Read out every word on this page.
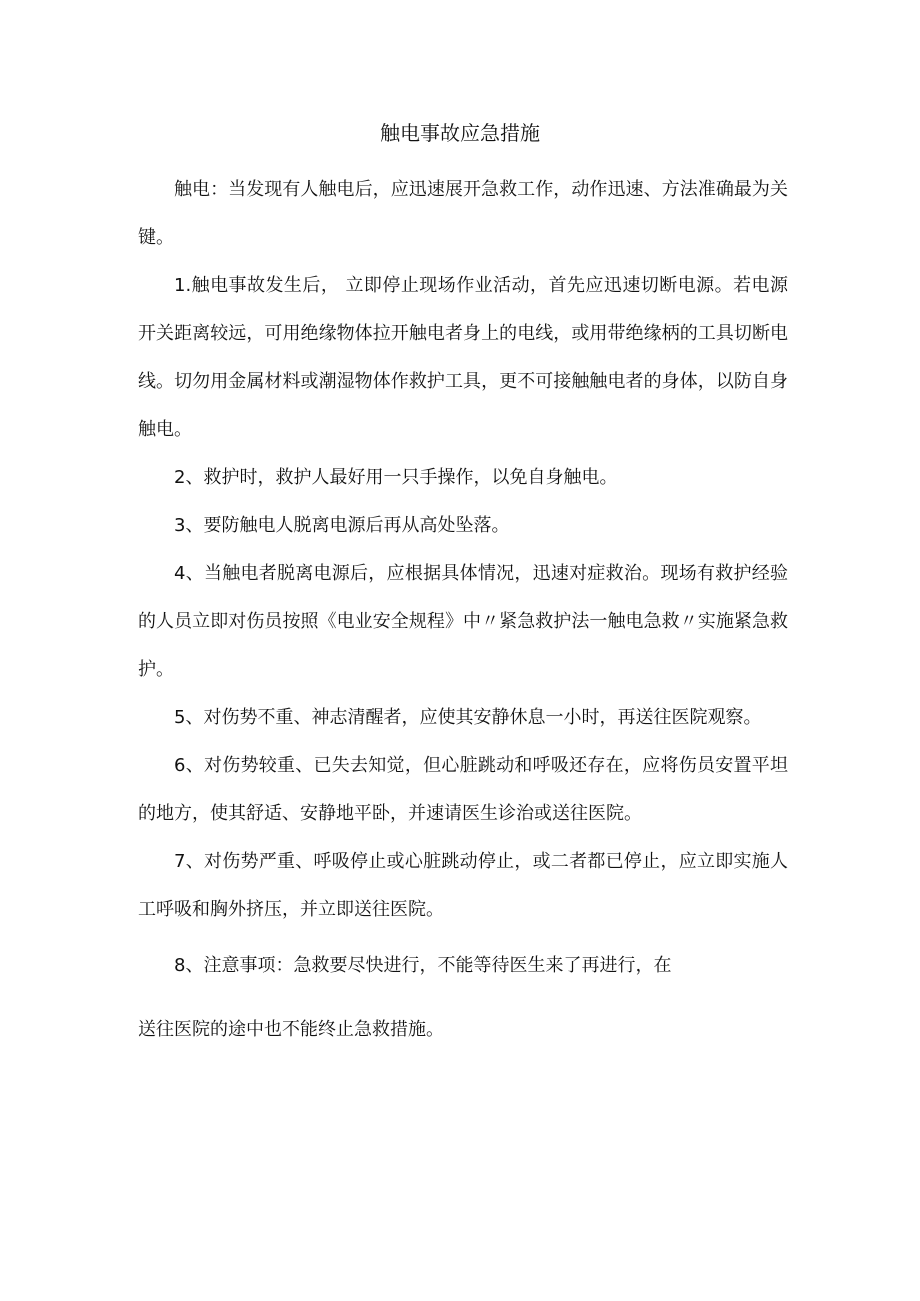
触电事故应急措施

触电：当发现有人触电后，应迅速展开急救工作，动作迅速、方法准确最为关键。

1.触电事故发生后， 立即停止现场作业活动，首先应迅速切断电源。若电源开关距离较远，可用绝缘物体拉开触电者身上的电线，或用带绝缘柄的工具切断电线。切勿用金属材料或潮湿物体作救护工具，更不可接触触电者的身体，以防自身触电。

2、救护时，救护人最好用一只手操作，以免自身触电。

3、要防触电人脱离电源后再从高处坠落。

4、当触电者脱离电源后，应根据具体情况，迅速对症救治。现场有救护经验的人员立即对伤员按照《电业安全规程》中〃紧急救护法一触电急救〃实施紧急救护。

5、对伤势不重、神志清醒者，应使其安静休息一小时，再送往医院观察。

6、对伤势较重、已失去知觉，但心脏跳动和呼吸还存在，应将伤员安置平坦的地方，使其舒适、安静地平卧，并速请医生诊治或送往医院。

7、对伤势严重、呼吸停止或心脏跳动停止，或二者都已停止，应立即实施人工呼吸和胸外挤压，并立即送往医院。

8、注意事项：急救要尽快进行，不能等待医生来了再进行，在
送往医院的途中也不能终止急救措施。
